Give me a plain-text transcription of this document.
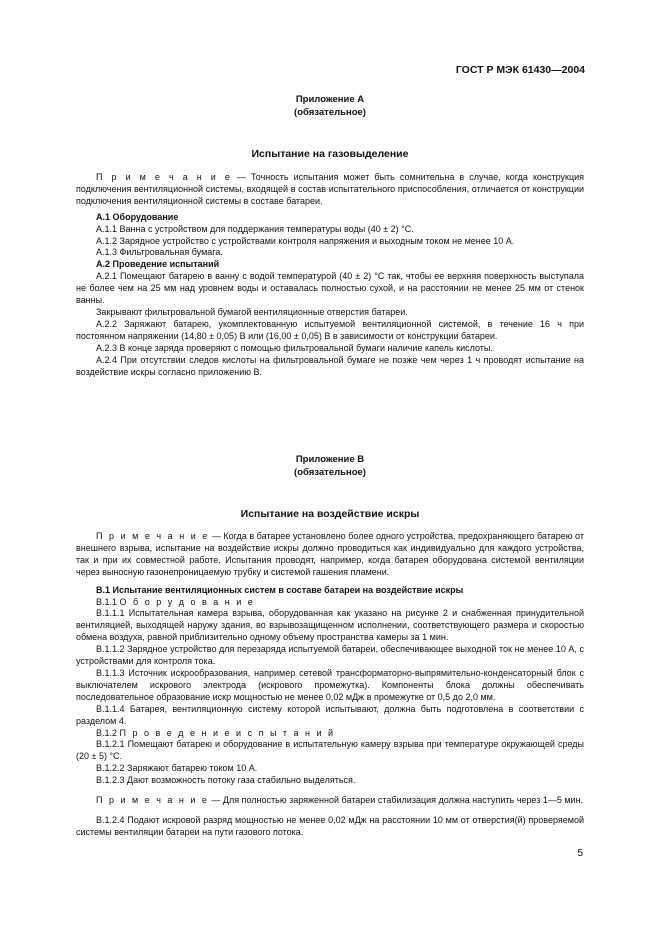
ГОСТ Р МЭК 61430—2004
Приложение А
(обязательное)
Испытание на газовыделение

П р и м е ч а н и е — Точность испытания может быть сомнительна в случае, когда конструкция подключения вентиляционной системы, входящей в состав испытательного приспособления, отличается от конструкции подключения вентиляционной системы в составе батареи.

А.1 Оборудование

А.1.1 Ванна с устройством для поддержания температуры воды (40 ± 2) °С.

А.1.2 Зарядное устройство с устройствами контроля напряжения и выходным током не менее 10 А.

А.1.3 Фильтровальная бумага.

А.2 Проведение испытаний

А.2.1 Помещают батарею в ванну с водой температурой (40 ± 2) °С так, чтобы ее верхняя поверхность выступала не более чем на 25 мм над уровнем воды и оставалась полностью сухой, и на расстоянии не менее 25 мм от стенок ванны.

Закрывают фильтровальной бумагой вентиляционные отверстия батареи.

А.2.2 Заряжают батарею, укомплектованную испытуемой вентиляционной системой, в течение 16 ч при постоянном напряжении (14,80 ± 0,05) В или (16,00 ± 0,05) В в зависимости от конструкции батареи.

А.2.3 В конце заряда проверяют с помощью фильтровальной бумаги наличие капель кислоты.

А.2.4 При отсутствии следов кислоты на фильтровальной бумаге не позже чем через 1 ч проводят испытание на воздействие искры согласно приложению В.

Приложение В
(обязательное)
Испытание на воздействие искры

П р и м е ч а н и е — Когда в батарее установлено более одного устройства, предохраняющего батарею от внешнего взрыва, испытание на воздействие искры должно проводиться как индивидуально для каждого устройства, так и при их совместной работе. Испытания проводят, например, когда батарея оборудована системой вентиляции через выносную газонепроницаемую трубку и системой гашения пламени.

В.1 Испытание вентиляционных систем в составе батареи на воздействие искры

В.1.1 О б о р у д о в а н и е

В.1.1.1 Испытательная камера взрыва, оборудованная как указано на рисунке 2 и снабженная принудительной вентиляцией, выходящей наружу здания, во взрывозащищенном исполнении, соответствующего размера и скоростью обмена воздуха, равной приблизительно одному объему пространства камеры за 1 мин.

В.1.1.2 Зарядное устройство для перезаряда испытуемой батареи, обеспечивающее выходной ток не менее 10 А, с устройствами для контроля тока.

В.1.1.3 Источник искрообразования, например сетевой трансформаторно-выпрямительно-конденсаторный блок с выключателем искрового электрода (искрового промежутка). Компоненты блока должны обеспечивать последовательное образование искр мощностью не менее 0,02 мДж в промежутке от 0,5 до 2,0 мм.

В.1.1.4 Батарея, вентиляционную систему которой испытывают, должна быть подготовлена в соответствии с разделом 4.

В.1.2 П р о в е д е н и е и с п ы т а н и й

В.1.2.1 Помещают батарею и оборудование в испытательную камеру взрыва при температуре окружающей среды (20 ± 5) °С.

В.1.2.2 Заряжают батарею током 10 А.

В.1.2.3 Дают возможность потоку газа стабильно выделяться.

П р и м е ч а н и е — Для полностью заряженной батареи стабилизация должна наступить через 1—5 мин.

В.1.2.4 Подают искровой разряд мощностью не менее 0,02 мДж на расстоянии 10 мм от отверстия(й) проверяемой системы вентиляции батареи на пути газового потока.

5
